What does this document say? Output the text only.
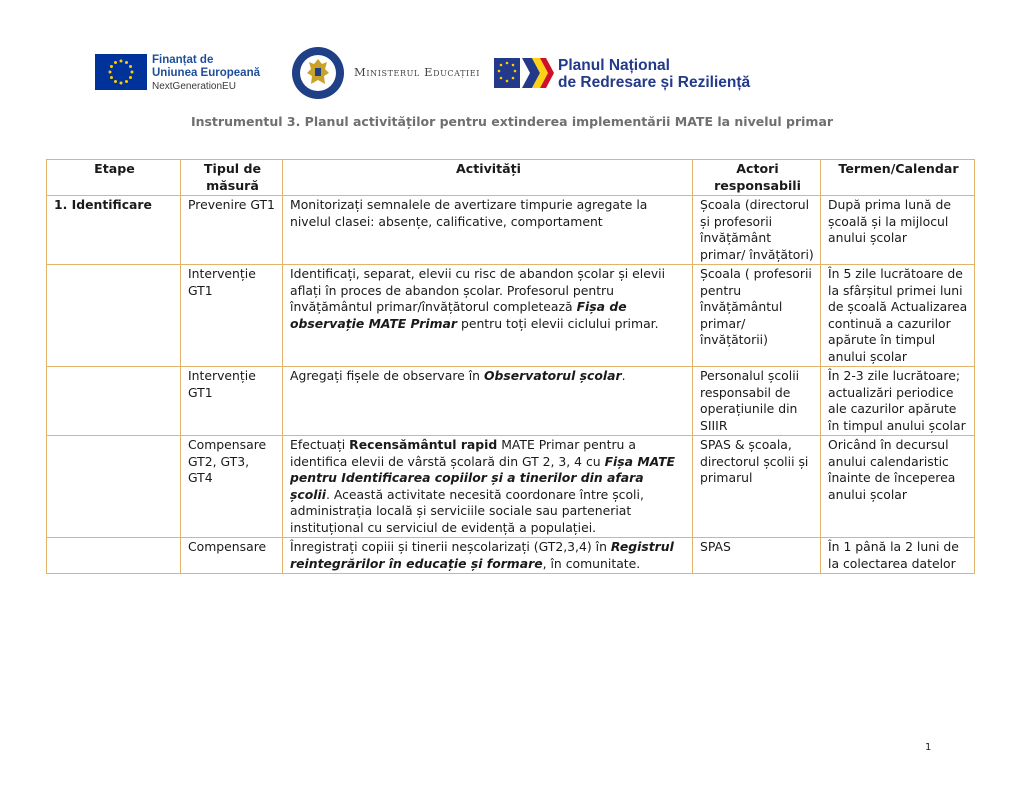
Finanțat de
Uniunea Europeană
NextGenerationEU
Ministerul Educației	Planul Național
de Redresare și Reziliență
Instrumentul 3. Planul activităților pentru extinderea implementării MATE la nivelul primar
Etape	Tipul de măsură	Activități	Actori responsabili	Termen/Calendar
1. Identificare	Prevenire GT1	Monitorizați semnalele de avertizare timpurie agregate la nivelul clasei: absențe, calificative, comportament	Școala (directorul și profesorii învățământ primar/ învățători)	După prima lună de școală și la mijlocul anului școlar
	Intervenție GT1	Identificați, separat, elevii cu risc de abandon școlar și elevii aflați în proces de abandon școlar. Profesorul pentru învățământul primar/învățătorul completează Fișa de observație MATE Primar pentru toți elevii ciclului primar.	Școala ( profesorii pentru învățământul primar/ învățătorii)	În 5 zile lucrătoare de la sfârșitul primei luni de școală Actualizarea continuă a cazurilor apărute în timpul anului școlar
	Intervenție GT1	Agregați fișele de observare în Observatorul școlar.	Personalul școlii responsabil de operațiunile din SIIIR	În 2-3 zile lucrătoare; actualizări periodice ale cazurilor apărute în timpul anului școlar
	Compensare GT2, GT3, GT4	Efectuați Recensământul rapid MATE Primar pentru a identifica elevii de vârstă școlară din GT 2, 3, 4 cu Fișa MATE pentru Identificarea copiilor și a tinerilor din afara școlii. Această activitate necesită coordonare între școli, administrația locală și serviciile sociale sau parteneriat instituțional cu serviciul de evidență a populației.	SPAS & școala, directorul școlii și primarul	Oricând în decursul anului calendaristic înainte de începerea anului școlar
	Compensare	Înregistrați copiii și tinerii neșcolarizați (GT2,3,4) în Registrul reintegrărilor în educație și formare, în comunitate.	SPAS	În 1 până la 2 luni de la colectarea datelor
1
